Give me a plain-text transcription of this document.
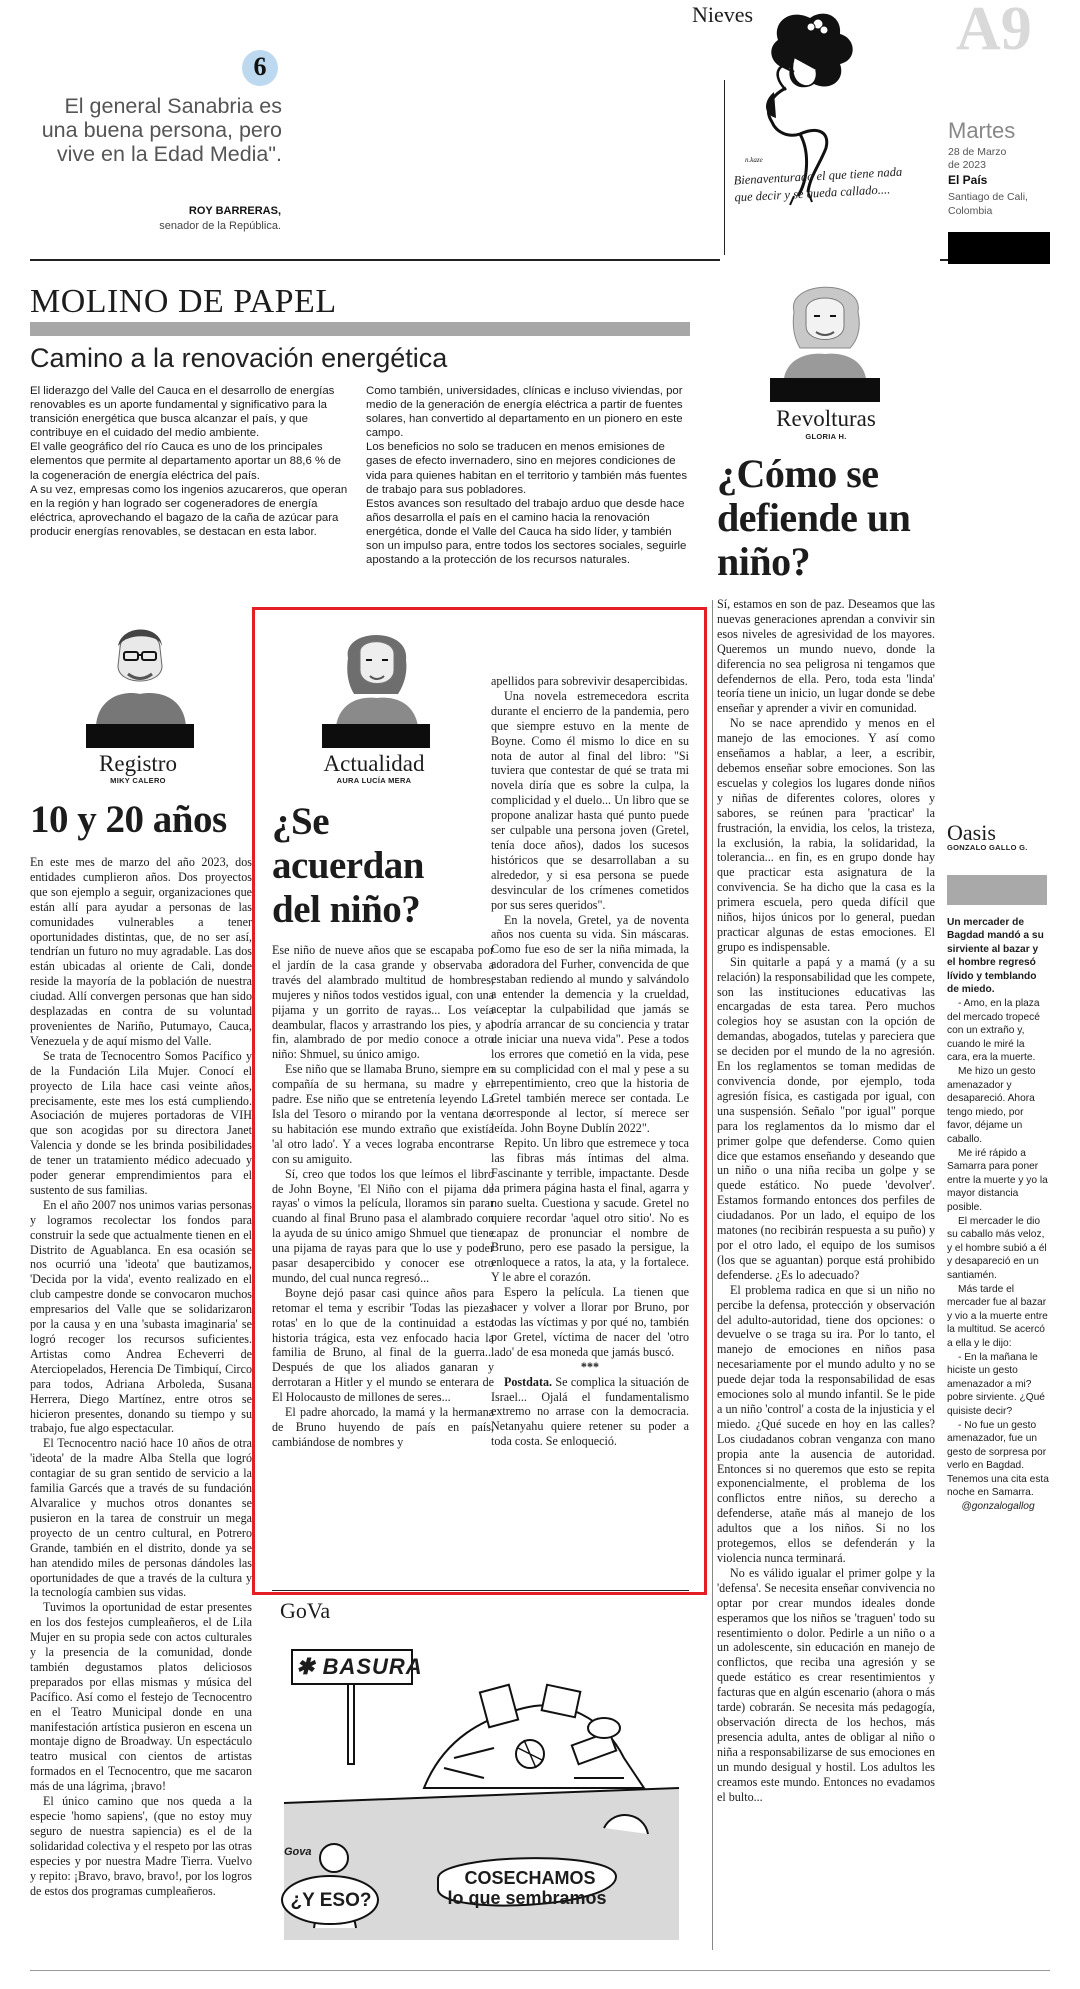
6
El general Sanabria es una buena persona, pero vive en la Edad Media".
ROY BARRERAS,
senador de la República.
Nieves
n.kaze
Bienaventurado el que tiene nada que decir y se queda callado....
A9
Martes
28 de Marzo
de 2023
El País
Santiago de Cali,
Colombia
MOLINO DE PAPEL
Camino a la renovación energética

El liderazgo del Valle del Cauca en el desarrollo de energías renovables es un aporte fundamental y significativo para la transición energética que busca alcanzar el país, y que contribuye en el cuidado del medio ambiente.

El valle geográfico del río Cauca es uno de los principales elementos que permite al departamento aportar un 88,6 % de la cogeneración de energía eléctrica del país.

A su vez, empresas como los ingenios azucareros, que operan en la región y han logrado ser cogeneradores de energía eléctrica, aprovechando el bagazo de la caña de azúcar para producir energías renovables, se destacan en esta labor.

Como también, universidades, clínicas e incluso viviendas, por medio de la generación de energía eléctrica a partir de fuentes solares, han convertido al departamento en un pionero en este campo.

Los beneficios no solo se traducen en menos emisiones de gases de efecto invernadero, sino en mejores condiciones de vida para quienes habitan en el territorio y también más fuentes de trabajo para sus pobladores.

Estos avances son resultado del trabajo arduo que desde hace años desarrolla el país en el camino hacia la renovación energética, donde el Valle del Cauca ha sido líder, y también son un impulso para, entre todos los sectores sociales, seguirle apostando a la protección de los recursos naturales.

Registro
MIKY CALERO
10 y 20 años

En este mes de marzo del año 2023, dos entidades cumplieron años. Dos proyectos que son ejemplo a seguir, organizaciones que están allí para ayudar a personas de las comunidades vulnerables a tener oportunidades distintas, que, de no ser así, tendrían un futuro no muy agradable. Las dos están ubicadas al oriente de Cali, donde reside la mayoría de la población de nuestra ciudad. Allí convergen personas que han sido desplazadas en contra de su voluntad provenientes de Nariño, Putumayo, Cauca, Venezuela y de aquí mismo del Valle.

Se trata de Tecnocentro Somos Pacífico y de la Fundación Lila Mujer. Conocí el proyecto de Lila hace casi veinte años, precisamente, este mes los está cumpliendo. Asociación de mujeres portadoras de VIH que son acogidas por su directora Janet Valencia y donde se les brinda posibilidades de tener un tratamiento médico adecuado y poder generar emprendimientos para el sustento de sus familias.

En el año 2007 nos unimos varias personas y logramos recolectar los fondos para construir la sede que actualmente tienen en el Distrito de Aguablanca. En esa ocasión se nos ocurrió una 'ideota' que bautizamos, 'Decida por la vida', evento realizado en el club campestre donde se convocaron muchos empresarios del Valle que se solidarizaron por la causa y en una 'subasta imaginaria' se logró recoger los recursos suficientes. Artistas como Andrea Echeverri de Aterciopelados, Herencia De Timbiquí, Circo para todos, Adriana Arboleda, Susana Herrera, Diego Martínez, entre otros se hicieron presentes, donando su tiempo y su trabajo, fue algo espectacular.

El Tecnocentro nació hace 10 años de otra 'ideota' de la madre Alba Stella que logró contagiar de su gran sentido de servicio a la familia Garcés que a través de su fundación Alvaralice y muchos otros donantes se pusieron en la tarea de construir un mega proyecto de un centro cultural, en Potrero Grande, también en el distrito, donde ya se han atendido miles de personas dándoles las oportunidades de que a través de la cultura y la tecnología cambien sus vidas.

Tuvimos la oportunidad de estar presentes en los dos festejos cumpleañeros, el de Lila Mujer en su propia sede con actos culturales y la presencia de la comunidad, donde también degustamos platos deliciosos preparados por ellas mismas y música del Pacífico. Así como el festejo de Tecnocentro en el Teatro Municipal donde en una manifestación artística pusieron en escena un montaje digno de Broadway. Un espectáculo teatro musical con cientos de artistas formados en el Tecnocentro, que me sacaron más de una lágrima, ¡bravo!

El único camino que nos queda a la especie 'homo sapiens', (que no estoy muy seguro de nuestra sapiencia) es el de la solidaridad colectiva y el respeto por las otras especies y por nuestra Madre Tierra. Vuelvo y repito: ¡Bravo, bravo, bravo!, por los logros de estos dos programas cumpleañeros.

Actualidad
AURA LUCÍA MERA
¿Se acuerdan del niño?

Ese niño de nueve años que se escapaba por el jardín de la casa grande y observaba a través del alambrado multitud de hombres, mujeres y niños todos vestidos igual, con una pijama y un gorrito de rayas... Los veía deambular, flacos y arrastrando los pies, y al fin, alambrado de por medio conoce a otro niño: Shmuel, su único amigo.

Ese niño que se llamaba Bruno, siempre en compañía de su hermana, su madre y el padre. Ese niño que se entretenía leyendo La Isla del Tesoro o mirando por la ventana de su habitación ese mundo extraño que existía 'al otro lado'. Y a veces lograba encontrarse con su amiguito.

Sí, creo que todos los que leímos el libro de John Boyne, 'El Niño con el pijama de rayas' o vimos la película, lloramos sin parar cuando al final Bruno pasa el alambrado con la ayuda de su único amigo Shmuel que tiene una pijama de rayas para que lo use y poder pasar desapercibido y conocer ese otro mundo, del cual nunca regresó...

Boyne dejó pasar casi quince años para retomar el tema y escribir 'Todas las piezas rotas' en lo que de la continuidad a esta historia trágica, esta vez enfocado hacia la familia de Bruno, al final de la guerra... Después de que los aliados ganaran y derrotaran a Hitler y el mundo se enterara de El Holocausto de millones de seres...

El padre ahorcado, la mamá y la hermana de Bruno huyendo de país en país, cambiándose de nombres y

apellidos para sobrevivir desapercibidas.

Una novela estremecedora escrita durante el encierro de la pandemia, pero que siempre estuvo en la mente de Boyne. Como él mismo lo dice en su nota de autor al final del libro: "Si tuviera que contestar de qué se trata mi novela diría que es sobre la culpa, la complicidad y el duelo... Un libro que se propone analizar hasta qué punto puede ser culpable una persona joven (Gretel, tenía doce años), dados los sucesos históricos que se desarrollaban a su alrededor, y si esa persona se puede desvincular de los crímenes cometidos por sus seres queridos".

En la novela, Gretel, ya de noventa años nos cuenta su vida. Sin máscaras. Como fue eso de ser la niña mimada, la adoradora del Furher, convencida de que estaban rediendo al mundo y salvándolo a entender la demencia y la crueldad, aceptar la culpabilidad que jamás se podría arrancar de su conciencia y tratar de iniciar una nueva vida". Pese a todos los errores que cometió en la vida, pese a su complicidad con el mal y pese a su arrepentimiento, creo que la historia de Gretel también merece ser contada. Le corresponde al lector, sí merece ser leída. John Boyne Dublín 2022".

Repito. Un libro que estremece y toca las fibras más íntimas del alma. Fascinante y terrible, impactante. Desde la primera página hasta el final, agarra y no suelta. Cuestiona y sacude. Gretel no quiere recordar 'aquel otro sitio'. No es capaz de pronunciar el nombre de Bruno, pero ese pasado la persigue, la enloquece a ratos, la ata, y la fortalece. Y le abre el corazón.

Espero la película. La tienen que hacer y volver a llorar por Bruno, por todas las víctimas y por qué no, también por Gretel, víctima de nacer del 'otro lado' de esa moneda que jamás buscó.

***

Postdata. Se complica la situación de Israel... Ojalá el fundamentalismo extremo no arrase con la democracia. Netanyahu quiere retener su poder a toda costa. Se enloqueció.

GoVa
✱ BASURA
Gova
¿Y ESO?
COSECHAMOS
lo que sembramos
Revolturas
GLORIA H.
¿Cómo se defiende un niño?

Sí, estamos en son de paz. Deseamos que las nuevas generaciones aprendan a convivir sin esos niveles de agresividad de los mayores. Queremos un mundo nuevo, donde la diferencia no sea peligrosa ni tengamos que defendernos de ella. Pero, toda esta 'linda' teoría tiene un inicio, un lugar donde se debe enseñar y aprender a vivir en comunidad.

No se nace aprendido y menos en el manejo de las emociones. Y así como enseñamos a hablar, a leer, a escribir, debemos enseñar sobre emociones. Son las escuelas y colegios los lugares donde niños y niñas de diferentes colores, olores y sabores, se reúnen para 'practicar' la frustración, la envidia, los celos, la tristeza, la exclusión, la rabia, la solidaridad, la tolerancia... en fin, es en grupo donde hay que practicar esta asignatura de la convivencia. Se ha dicho que la casa es la primera escuela, pero queda difícil que niños, hijos únicos por lo general, puedan practicar algunas de estas emociones. El grupo es indispensable.

Sin quitarle a papá y a mamá (y a su relación) la responsabilidad que les compete, son las instituciones educativas las encargadas de esta tarea. Pero muchos colegios hoy se asustan con la opción de demandas, abogados, tutelas y pareciera que se deciden por el mundo de la no agresión. En los reglamentos se toman medidas de convivencia donde, por ejemplo, toda agresión física, es castigada por igual, con una suspensión. Señalo "por igual" porque para los reglamentos da lo mismo dar el primer golpe que defenderse. Como quien dice que estamos enseñando y deseando que un niño o una niña reciba un golpe y se quede estático. No puede 'devolver'. Estamos formando entonces dos perfiles de ciudadanos. Por un lado, el equipo de los matones (no recibirán respuesta a su puño) y por el otro lado, el equipo de los sumisos (los que se aguantan) porque está prohibido defenderse. ¿Es lo adecuado?

El problema radica en que si un niño no percibe la defensa, protección y observación del adulto-autoridad, tiene dos opciones: o devuelve o se traga su ira. Por lo tanto, el manejo de emociones en niños pasa necesariamente por el mundo adulto y no se puede dejar toda la responsabilidad de esas emociones solo al mundo infantil. Se le pide a un niño 'control' a costa de la injusticia y el miedo. ¿Qué sucede en hoy en las calles? Los ciudadanos cobran venganza con mano propia ante la ausencia de autoridad. Entonces si no queremos que esto se repita exponencialmente, el problema de los conflictos entre niños, su derecho a defenderse, atañe más al manejo de los adultos que a los niños. Si no los protegemos, ellos se defenderán y la violencia nunca terminará.

No es válido igualar el primer golpe y la 'defensa'. Se necesita enseñar convivencia no optar por crear mundos ideales donde esperamos que los niños se 'traguen' todo su resentimiento o dolor. Pedirle a un niño o a un adolescente, sin educación en manejo de conflictos, que reciba una agresión y se quede estático es crear resentimientos y facturas que en algún escenario (ahora o más tarde) cobrarán. Se necesita más pedagogía, observación directa de los hechos, más presencia adulta, antes de obligar al niño o niña a responsabilizarse de sus emociones en un mundo desigual y hostil. Los adultos les creamos este mundo. Entonces no evadamos el bulto...

Oasis
GONZALO GALLO G.

Un mercader de Bagdad mandó a su sirviente al bazar y el hombre regresó lívido y temblando de miedo.

- Amo, en la plaza del mercado tropecé con un extraño y, cuando le miré la cara, era la muerte.

Me hizo un gesto amenazador y desapareció. Ahora tengo miedo, por favor, déjame un caballo.

Me iré rápido a Samarra para poner entre la muerte y yo la mayor distancia posible.

El mercader le dio su caballo más veloz, y el hombre subió a él y desapareció en un santiamén.

Más tarde el mercader fue al bazar y vio a la muerte entre la multitud. Se acercó a ella y le dijo:

- En la mañana le hiciste un gesto amenazador a mi?pobre sirviente. ¿Qué quisiste decir?

- No fue un gesto amenazador, fue un gesto de sorpresa por verlo en Bagdad. Tenemos una cita esta noche en Samarra.

@gonzalogallog
